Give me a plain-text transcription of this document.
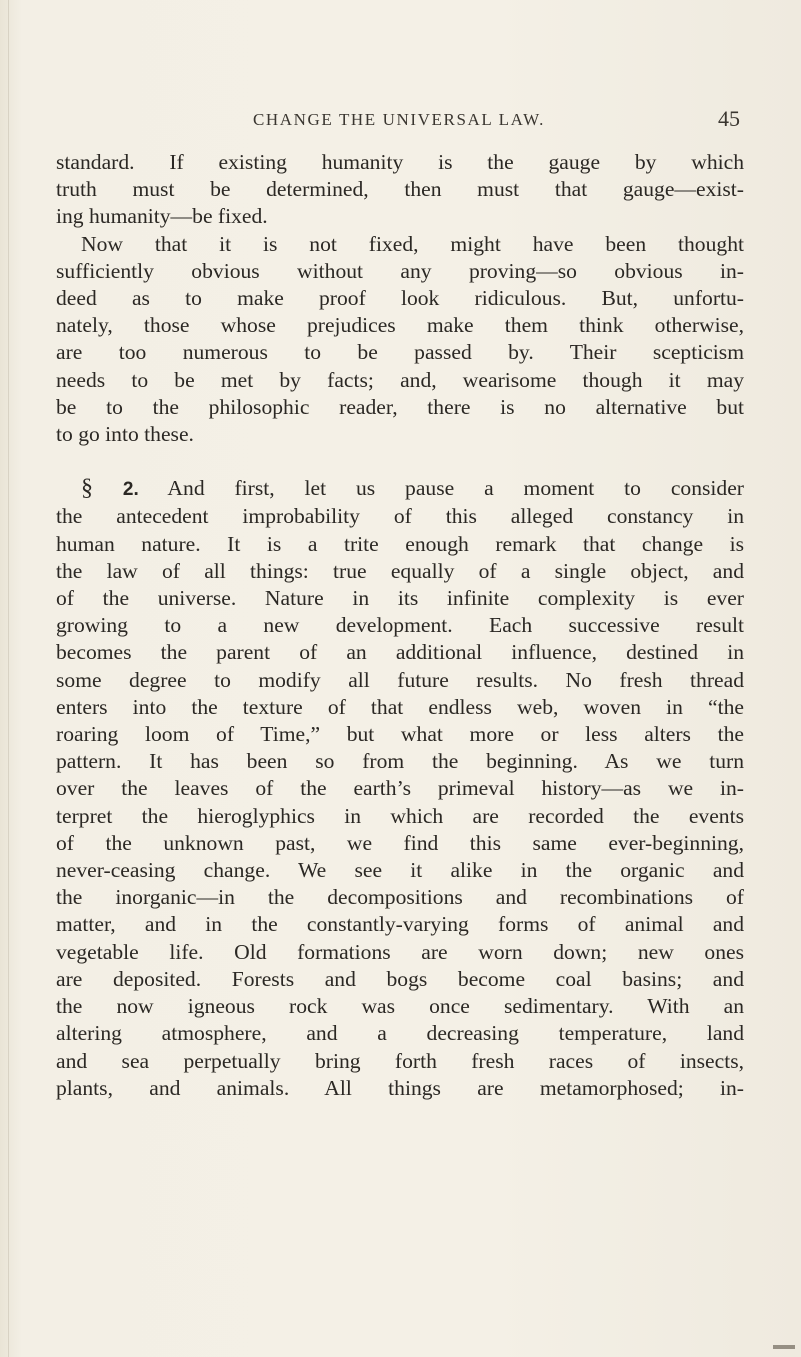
CHANGE THE UNIVERSAL LAW.	45
standard. If existing humanity is the gauge by which
truth must be determined, then must that gauge—exist-
ing humanity—be fixed.
Now that it is not fixed, might have been thought
sufficiently obvious without any proving—so obvious in-
deed as to make proof look ridiculous. But, unfortu-
nately, those whose prejudices make them think otherwise,
are too numerous to be passed by. Their scepticism
needs to be met by facts; and, wearisome though it may
be to the philosophic reader, there is no alternative but
to go into these.
§ 2. And first, let us pause a moment to consider
the antecedent improbability of this alleged constancy in
human nature. It is a trite enough remark that change is
the law of all things: true equally of a single object, and
of the universe. Nature in its infinite complexity is ever
growing to a new development. Each successive result
becomes the parent of an additional influence, destined in
some degree to modify all future results. No fresh thread
enters into the texture of that endless web, woven in “the
roaring loom of Time,” but what more or less alters the
pattern. It has been so from the beginning. As we turn
over the leaves of the earth’s primeval history—as we in-
terpret the hieroglyphics in which are recorded the events
of the unknown past, we find this same ever-beginning,
never-ceasing change. We see it alike in the organic and
the inorganic—in the decompositions and recombinations of
matter, and in the constantly-varying forms of animal and
vegetable life. Old formations are worn down; new ones
are deposited. Forests and bogs become coal basins; and
the now igneous rock was once sedimentary. With an
altering atmosphere, and a decreasing temperature, land
and sea perpetually bring forth fresh races of insects,
plants, and animals. All things are metamorphosed; in-
